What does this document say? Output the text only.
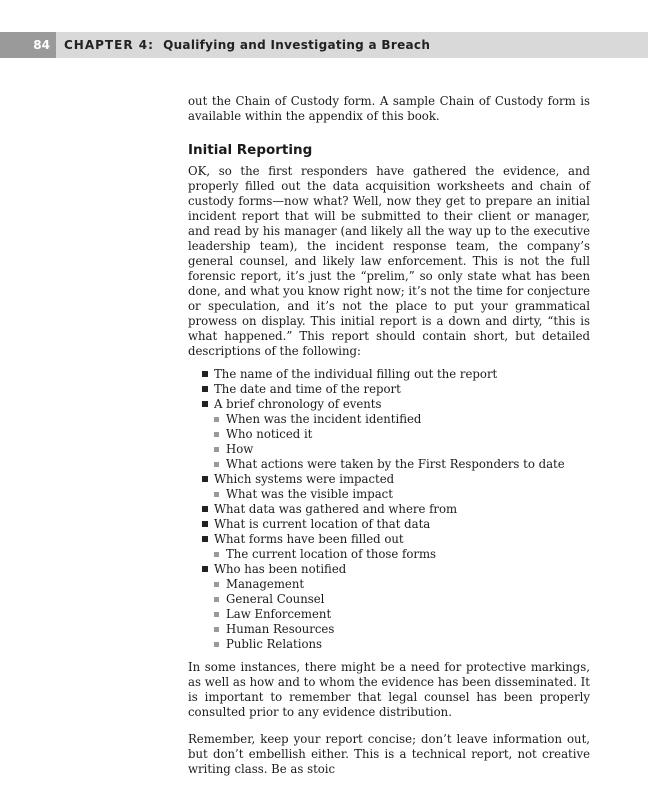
84	CHAPTER 4: Qualifying and Investigating a Breach

out the Chain of Custody form. A sample Chain of Custody form is available within the appendix of this book.

Initial Reporting

OK, so the first responders have gathered the evidence, and properly filled out the data acquisition worksheets and chain of custody forms—now what? Well, now they get to prepare an initial incident report that will be submitted to their client or manager, and read by his manager (and likely all the way up to the executive leadership team), the incident response team, the company’s general counsel, and likely law enforcement. This is not the full forensic report, it’s just the “prelim,” so only state what has been done, and what you know right now; it’s not the time for conjecture or speculation, and it’s not the place to put your grammatical prowess on display. This initial report is a down and dirty, “this is what happened.” This report should contain short, but detailed descriptions of the following:

The name of the individual filling out the report
The date and time of the report
A brief chronology of events
When was the incident identified
Who noticed it
How
What actions were taken by the First Responders to date
Which systems were impacted
What was the visible impact
What data was gathered and where from
What is current location of that data
What forms have been filled out
The current location of those forms
Who has been notified
Management
General Counsel
Law Enforcement
Human Resources
Public Relations

In some instances, there might be a need for protective markings, as well as how and to whom the evidence has been disseminated. It is important to remember that legal counsel has been properly consulted prior to any evidence distribution.

Remember, keep your report concise; don’t leave information out, but don’t embellish either. This is a technical report, not creative writing class. Be as stoic
